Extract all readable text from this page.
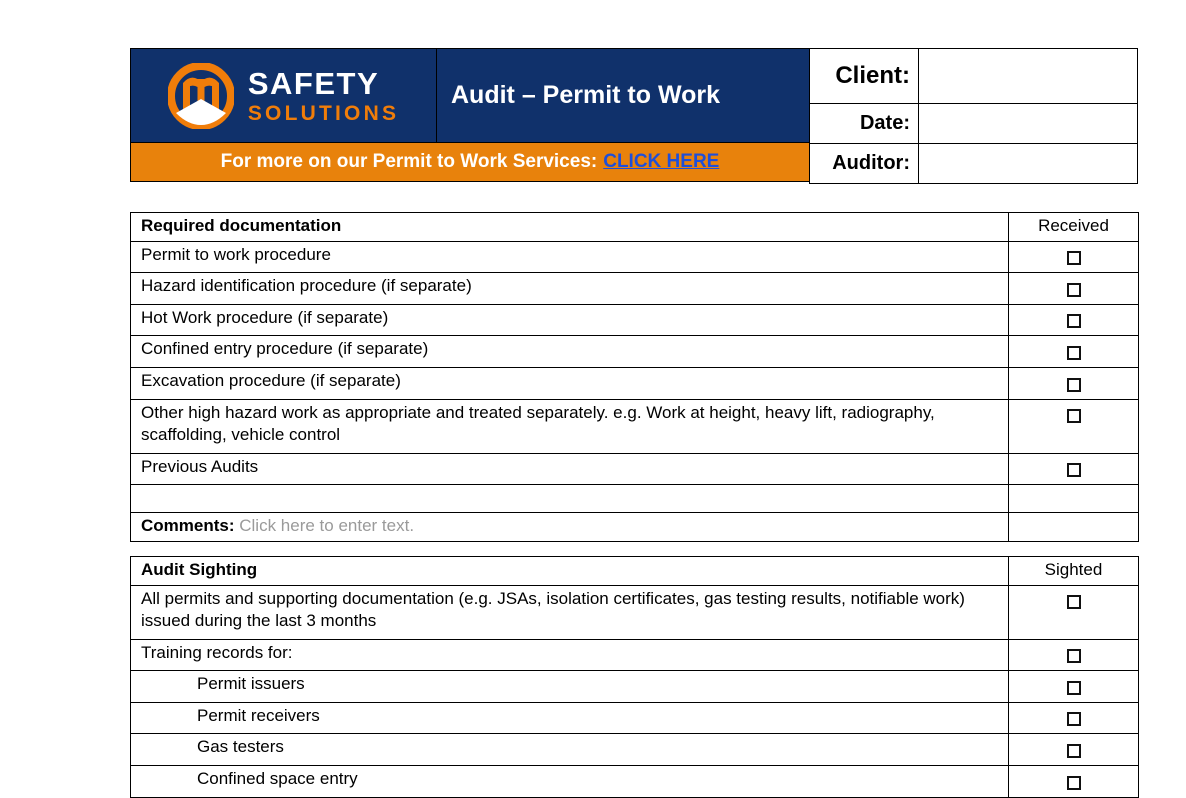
SAFETY
SOLUTIONS
Audit – Permit to Work
For more on our Permit to Work Services: CLICK HERE
Client:
Date:
Auditor:
Required documentation	Received
Permit to work procedure	
Hazard identification procedure (if separate)	
Hot Work procedure (if separate)	
Confined entry procedure (if separate)	
Excavation procedure (if separate)	
Other high hazard work as appropriate and treated separately. e.g. Work at height, heavy lift, radiography, scaffolding, vehicle control	
Previous Audits	

Comments: Click here to enter text.	
Audit Sighting	Sighted
All permits and supporting documentation (e.g. JSAs, isolation certificates, gas testing results, notifiable work) issued during the last 3 months	
Training records for:	
Permit issuers	
Permit receivers	
Gas testers	
Confined space entry	
